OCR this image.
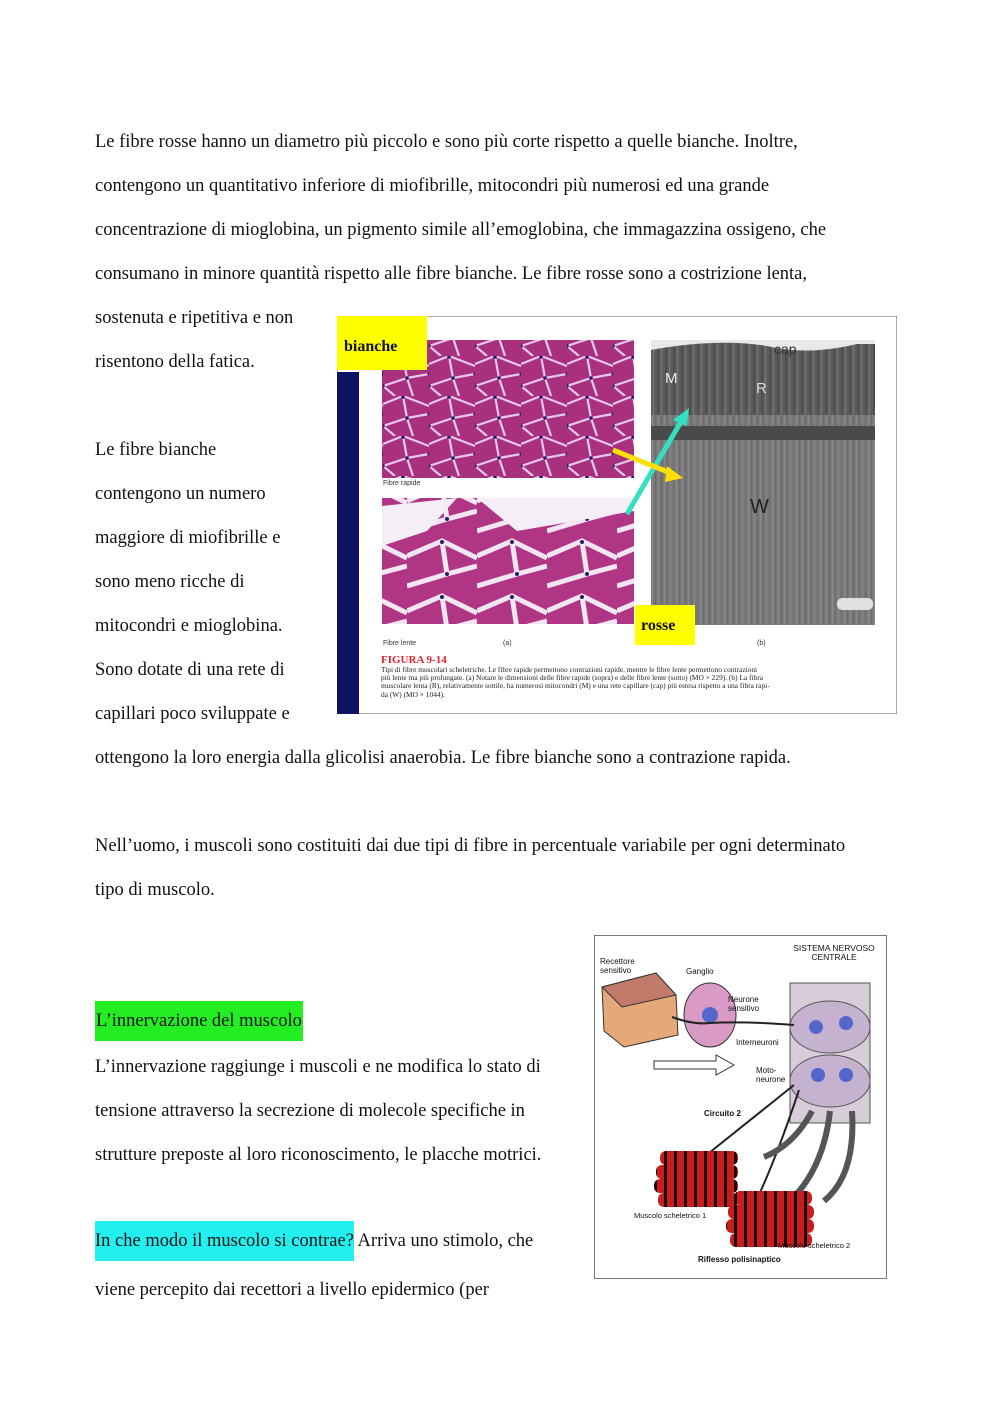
Le fibre rosse hanno un diametro più piccolo e sono più corte rispetto a quelle bianche. Inoltre,
contengono un quantitativo inferiore di miofibrille, mitocondri più numerosi ed una grande
concentrazione di mioglobina, un pigmento simile all’emoglobina, che immagazzina ossigeno, che
consumano in minore quantità rispetto alle fibre bianche. Le fibre rosse sono a costrizione lenta,
sostenuta e ripetitiva e non
risentono della fatica.
Le fibre bianche
contengono un numero
maggiore di miofibrille e
sono meno ricche di
mitocondri e mioglobina.
Sono dotate di una rete di
capillari poco sviluppate e
ottengono la loro energia dalla glicolisi anaerobia. Le fibre bianche sono a contrazione rapida.
Nell’uomo, i muscoli sono costituiti dai due tipi di fibre in percentuale variabile per ogni determinato
tipo di muscolo.
L’innervazione del muscolo
L’innervazione raggiunge i muscoli e ne modifica lo stato di
tensione attraverso la secrezione di molecole specifiche in
strutture preposte al loro riconoscimento, le placche motrici.
In che modo il muscolo si contrae? Arriva uno stimolo, che
viene percepito dai recettori a livello epidermico (per
bianche
rosse
Fibre rapide
Fibre lente	(a)	(b)
cap
M
R
W
FIGURA 9-14
Tipi di fibre muscolari scheletriche. Le fibre rapide permettono contrazioni rapide, mentre le fibre lente permettono contrazioni
più lente ma più prolungate. (a) Notare le dimensioni delle fibre rapide (sopra) e delle fibre lente (sotto) (MO × 229). (b) La fibra
muscolare lenta (R), relativamente sottile, ha numerosi mitocondri (M) e una rete capillare (cap) più estesa rispetto a una fibra rapi-
da (W) (MO × 1044).
SISTEMA NERVOSO
CENTRALE
Recettore
sensitivo	Ganglio
Neurone
sensitivo
Interneuroni
Moto-
neurone
Circuito 2
Muscolo scheletrico 1
Muscolo scheletrico 2
Riflesso polisinaptico
